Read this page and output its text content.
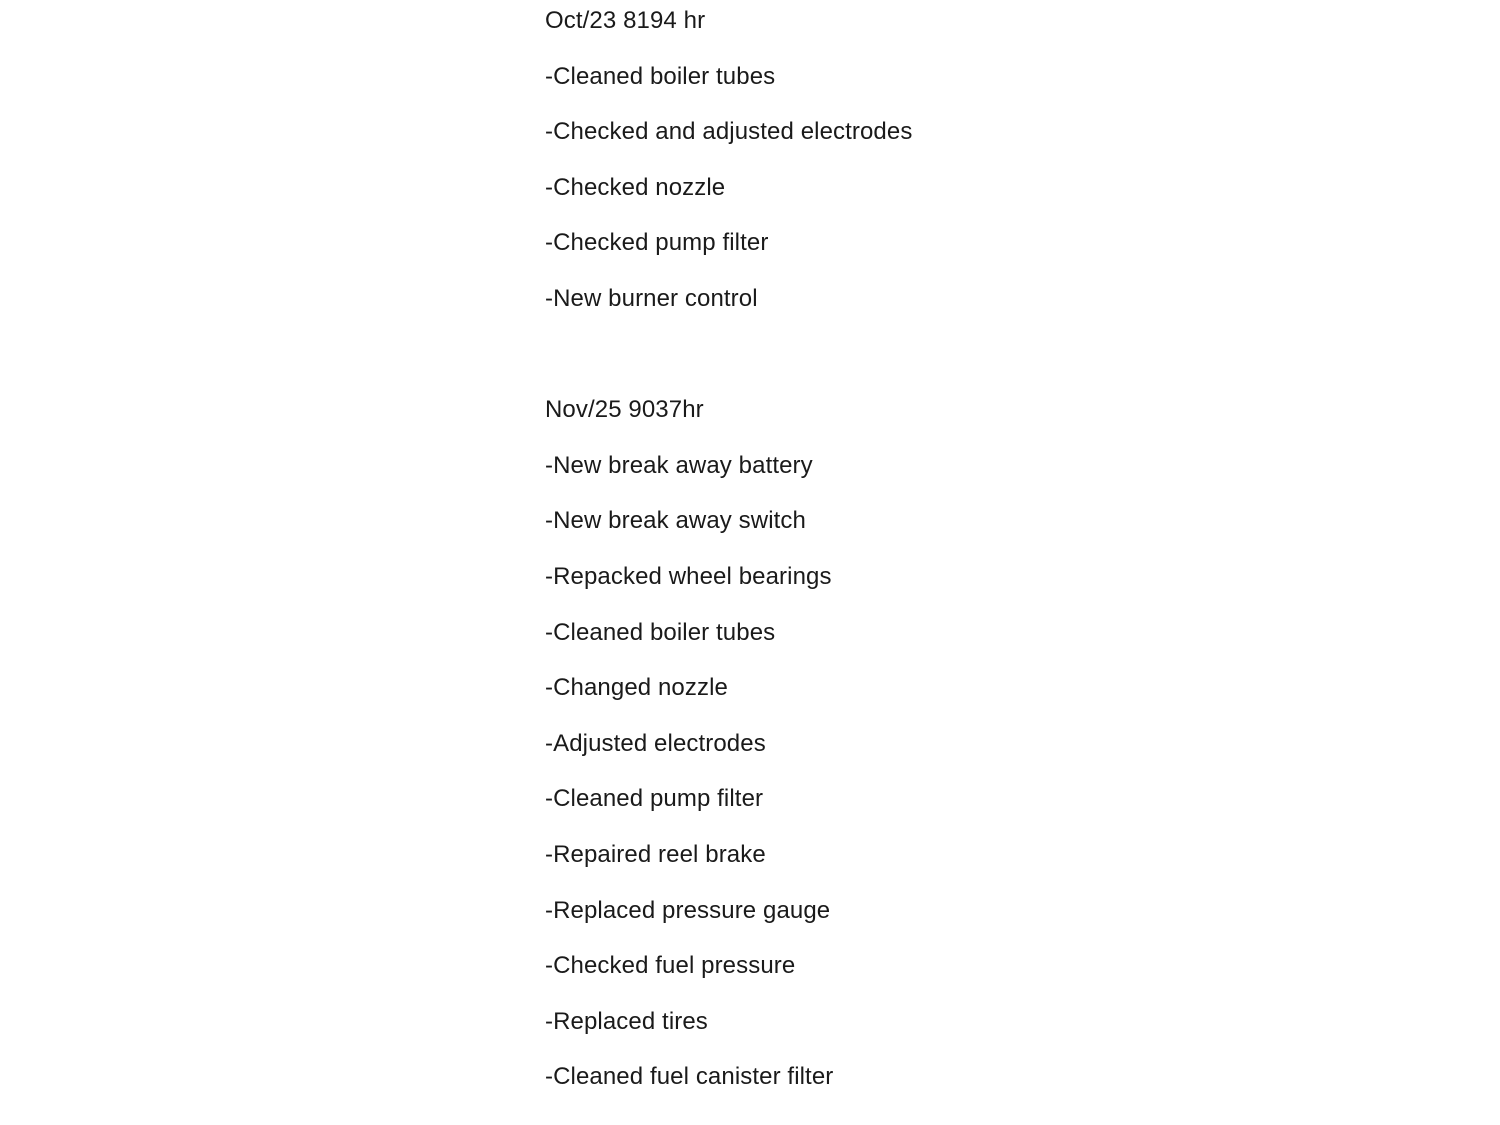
Oct/23 8194 hr
-Cleaned boiler tubes
-Checked and adjusted electrodes
-Checked nozzle
-Checked pump filter
-New burner control
Nov/25 9037hr
-New break away battery
-New break away switch
-Repacked wheel bearings
-Cleaned boiler tubes
-Changed nozzle
-Adjusted electrodes
-Cleaned pump filter
-Repaired reel brake
-Replaced pressure gauge
-Checked fuel pressure
-Replaced tires
-Cleaned fuel canister filter
